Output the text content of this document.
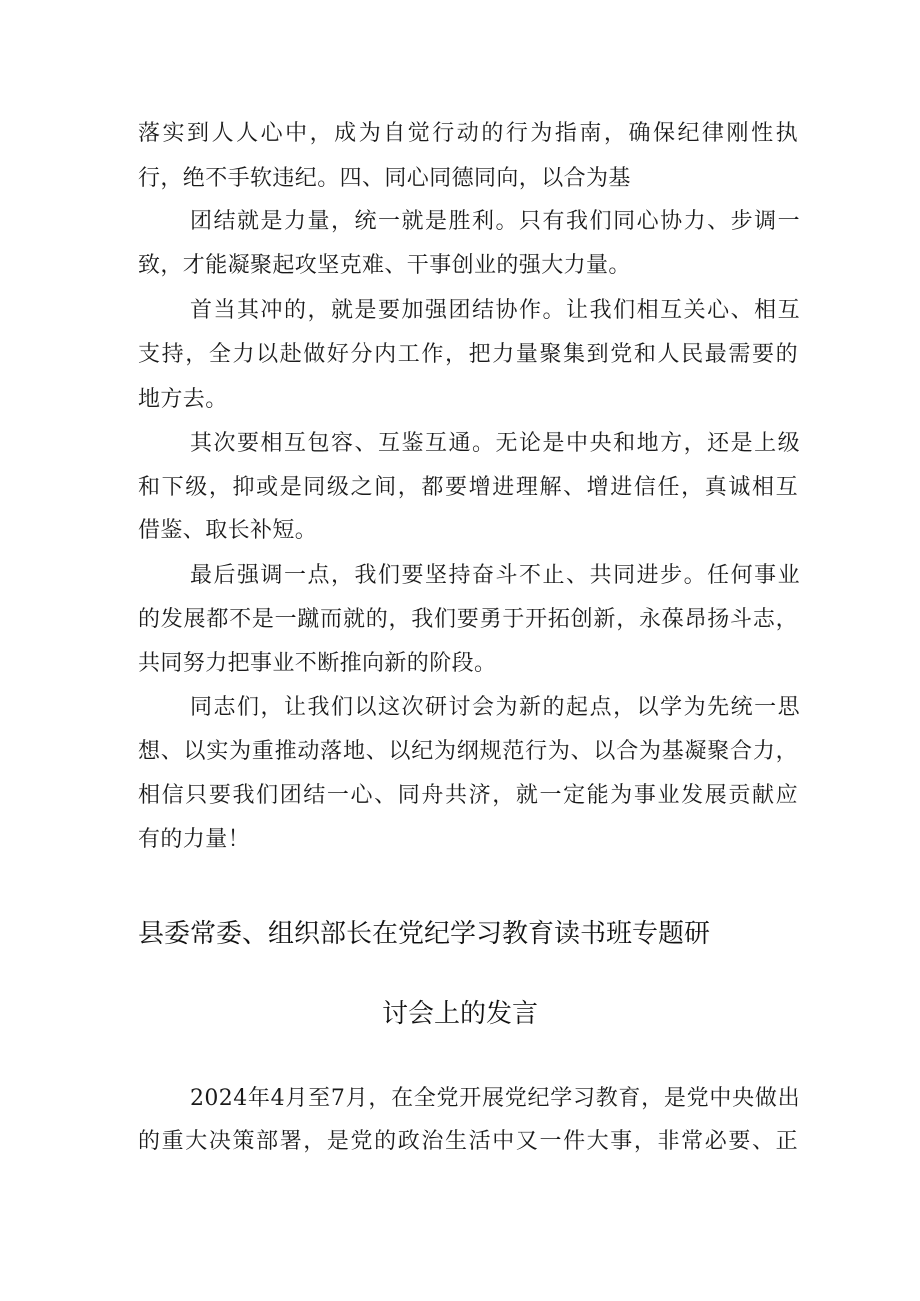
落实到人人心中，成为自觉行动的行为指南，确保纪律刚性执
行，绝不手软违纪。四、同心同德同向，以合为基
团结就是力量，统一就是胜利。只有我们同心协力、步调一
致，才能凝聚起攻坚克难、干事创业的强大力量。
首当其冲的，就是要加强团结协作。让我们相互关心、相互
支持，全力以赴做好分内工作，把力量聚集到党和人民最需要的
地方去。
其次要相互包容、互鉴互通。无论是中央和地方，还是上级
和下级，抑或是同级之间，都要增进理解、增进信任，真诚相互
借鉴、取长补短。
最后强调一点，我们要坚持奋斗不止、共同进步。任何事业
的发展都不是一蹴而就的，我们要勇于开拓创新，永葆昂扬斗志，
共同努力把事业不断推向新的阶段。
同志们，让我们以这次研讨会为新的起点，以学为先统一思
想、以实为重推动落地、以纪为纲规范行为、以合为基凝聚合力，
相信只要我们团结一心、同舟共济，就一定能为事业发展贡献应
有的力量！
县委常委、组织部长在党纪学习教育读书班专题研
讨会上的发言
2024年4月至7月，在全党开展党纪学习教育，是党中央做出
的重大决策部署，是党的政治生活中又一件大事，非常必要、正
